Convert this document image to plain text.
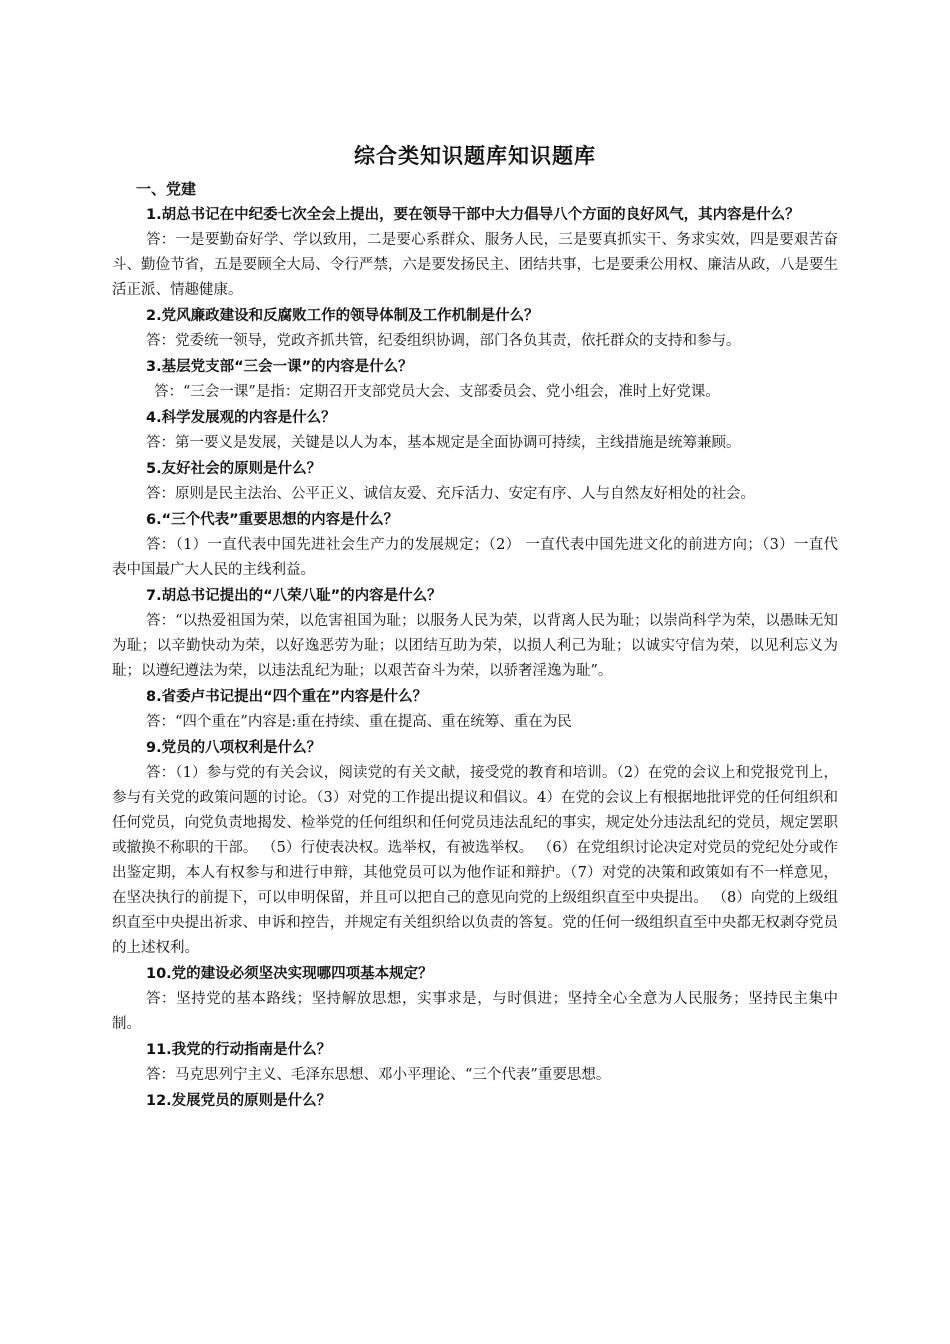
综合类知识题库知识题库
一、党建

1.胡总书记在中纪委七次全会上提出，要在领导干部中大力倡导八个方面的良好风气，其内容是什么？

答：一是要勤奋好学、学以致用，二是要心系群众、服务人民，三是要真抓实干、务求实效，四是要艰苦奋斗、勤俭节省，五是要顾全大局、令行严禁，六是要发扬民主、团结共事，七是要秉公用权、廉洁从政，八是要生活正派、情趣健康。

2.党风廉政建设和反腐败工作的领导体制及工作机制是什么？

答：党委统一领导，党政齐抓共管，纪委组织协调，部门各负其责，依托群众的支持和参与。

3.基层党支部“三会一课”的内容是什么？

答：“三会一课”是指：定期召开支部党员大会、支部委员会、党小组会，准时上好党课。

4.科学发展观的内容是什么？

答：第一要义是发展，关键是以人为本，基本规定是全面协调可持续，主线措施是统筹兼顾。

5.友好社会的原则是什么？

答：原则是民主法治、公平正义、诚信友爱、充斥活力、安定有序、人与自然友好相处的社会。

6.“三个代表”重要思想的内容是什么？

答：（1）一直代表中国先进社会生产力的发展规定；（2） 一直代表中国先进文化的前进方向；（3）一直代表中国最广大人民的主线利益。

7.胡总书记提出的“八荣八耻”的内容是什么？

答：“以热爱祖国为荣，以危害祖国为耻；以服务人民为荣，以背离人民为耻；以崇尚科学为荣，以愚昧无知为耻；以辛勤快动为荣，以好逸恶劳为耻；以团结互助为荣，以损人利己为耻；以诚实守信为荣，以见利忘义为耻；以遵纪遵法为荣，以违法乱纪为耻；以艰苦奋斗为荣，以骄奢淫逸为耻”。

8.省委卢书记提出“四个重在”内容是什么？

答：“四个重在”内容是:重在持续、重在提高、重在统筹、重在为民

9.党员的八项权利是什么？

答：（1）参与党的有关会议，阅读党的有关文献，接受党的教育和培训。（2）在党的会议上和党报党刊上，参与有关党的政策问题的讨论。（3）对党的工作提出提议和倡议。4）在党的会议上有根据地批评党的任何组织和任何党员，向党负责地揭发、检举党的任何组织和任何党员违法乱纪的事实，规定处分违法乱纪的党员，规定罢职或撤换不称职的干部。 （5）行使表决权。选举权，有被选举权。 （6）在党组织讨论决定对党员的党纪处分或作出鉴定期，本人有权参与和进行申辩，其他党员可以为他作证和辩护。（7）对党的决策和政策如有不一样意见，在坚决执行的前提下，可以申明保留，并且可以把自己的意见向党的上级组织直至中央提出。 （8）向党的上级组织直至中央提出祈求、申诉和控告，并规定有关组织给以负责的答复。党的任何一级组织直至中央都无权剥夺党员的上述权利。

10.党的建设必须坚决实现哪四项基本规定？

答：坚持党的基本路线；坚持解放思想，实事求是，与时俱进；坚持全心全意为人民服务；坚持民主集中制。

11.我党的行动指南是什么？

答：马克思列宁主义、毛泽东思想、邓小平理论、“三个代表”重要思想。

12.发展党员的原则是什么？
